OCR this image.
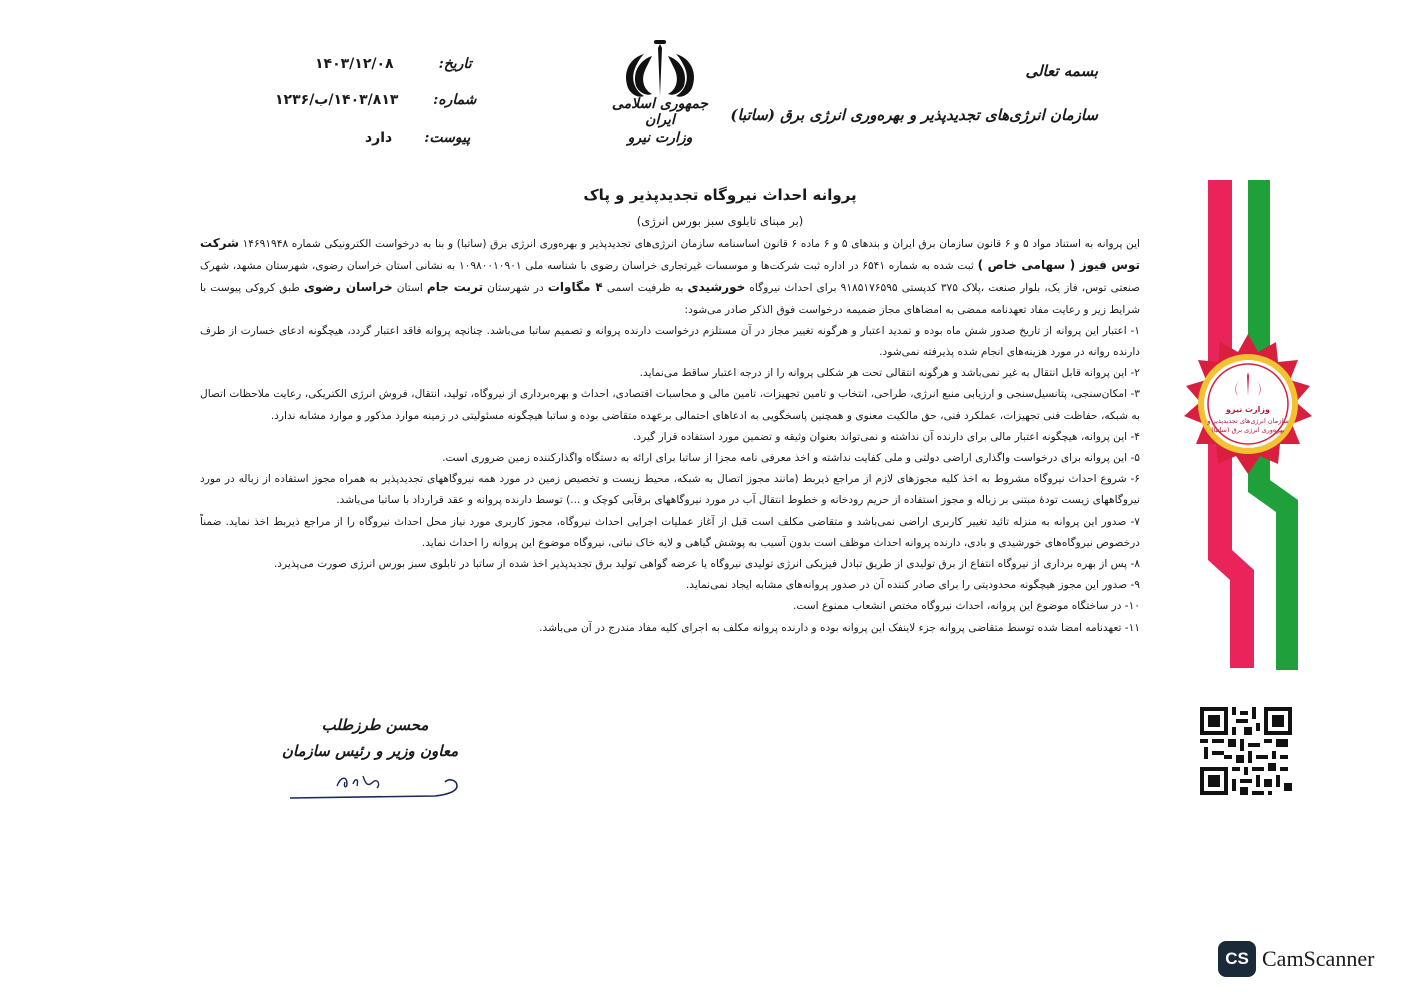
تاریخ:
۱۴۰۳/۱۲/۰۸
شماره:
۱۴۰۳/۸۱۳/ب/۱۲۳۶
پیوست:
دارد
جمهوری اسلامی ایران
وزارت نیرو
بسمه تعالی
سازمان انرژی‌های تجدیدپذیر و بهره‌وری انرژی برق (ساتبا)
پروانه احداث نیروگاه تجدیدپذیر و پاک
(بر مبنای تابلوی سبز بورس انرژی)

این پروانه به استناد مواد ۵ و ۶ قانون سازمان برق ایران و بندهای ۵ و ۶ ماده ۶ قانون اساسنامه سازمان انرژی‌های تجدیدپذیر و بهره‌وری انرژی برق (ساتبا) و بنا به درخواست الکترونیکی شماره ۱۴۶۹۱۹۴۸ شرکت توس فیوز ( سهامی خاص ) ثبت شده به شماره ۶۵۴۱ در اداره ثبت شرکت‌ها و موسسات غیرتجاری خراسان رضوی با شناسه ملی ۱۰۹۸۰۰۱۰۹۰۱ به نشانی استان خراسان رضوی، شهرستان مشهد، شهرک صنعتی توس، فاز یک، بلوار صنعت ،پلاک ۳۷۵ کدپستی ۹۱۸۵۱۷۶۵۹۵ برای احداث نیروگاه خورشیدی به ظرفیت اسمی ۴ مگاوات در شهرستان تربت جام استان خراسان رضوی طبق کروکی پیوست با شرایط زیر و رعایت مفاد تعهدنامه ممضی به امضاهای مجاز ضمیمه درخواست فوق الذکر صادر می‌شود:

۱- اعتبار این پروانه از تاریخ صدور شش ماه بوده و تمدید اعتبار و هرگونه تغییر مجاز در آن مستلزم درخواست دارنده پروانه و تصمیم ساتبا می‌باشد. چنانچه پروانه فاقد اعتبار گردد، هیچگونه ادعای خسارت از طرف دارنده روانه در مورد هزینه‌های انجام شده پذیرفته نمی‌شود.

۲- این پروانه قابل انتقال به غیر نمی‌باشد و هرگونه انتقالی تحت هر شکلی پروانه را از درجه اعتبار ساقط می‌نماید.

۳- امکان‌سنجی، پتانسیل‌سنجی و ارزیابی منبع انرژی، طراحی، انتخاب و تامین تجهیزات، تامین مالی و محاسبات اقتصادی، احداث و بهره‌برداری از نیروگاه، تولید، انتقال، فروش انرژی الکتریکی، رعایت ملاحظات اتصال به شبکه، حفاظت فنی تجهیزات، عملکرد فنی، حق مالکیت معنوی و همچنین پاسخگویی به ادعاهای احتمالی برعهده متقاضی بوده و ساتبا هیچگونه مسئولیتی در زمینه موارد مذکور و موارد مشابه ندارد.

۴- این پروانه، هیچگونه اعتبار مالی برای دارنده آن نداشته و نمی‌تواند بعنوان وثیقه و تضمین مورد استفاده قرار گیرد.

۵- این پروانه برای درخواست واگذاری اراضی دولتی و ملی کفایت نداشته و اخذ معرفی نامه مجزا از ساتبا برای ارائه به دستگاه واگذارکننده زمین ضروری است.

۶- شروع احداث نیروگاه مشروط به اخذ کلیه مجوزهای لازم از مراجع ذیربط (مانند مجوز اتصال به شبکه، محیط زیست و تخصیص زمین در مورد همه نیروگاههای تجدیدپذیر به همراه مجوز استفاده از زباله در مورد نیروگاههای زیست تودهٔ مبتنی بر زباله و مجوز استفاده از حریم رودخانه و خطوط انتقال آب در مورد نیروگاههای برقآبی کوچک و ...) توسط دارنده پروانه و عقد قرارداد با ساتبا می‌باشد.

۷- صدور این پروانه به منزله تائید تغییر کاربری اراضی نمی‌باشد و متقاضی مکلف است قبل از آغاز عملیات اجرایی احداث نیروگاه، مجوز کاربری مورد نیاز محل احداث نیروگاه را از مراجع ذیربط اخذ نماید. ضمناً درخصوص نیروگاه‌های خورشیدی و بادی، دارنده پروانه احداث موظف است بدون آسیب به پوشش گیاهی و لایه خاک نباتی، نیروگاه موضوع این پروانه را احداث نماید.

۸- پس از بهره برداری از نیروگاه انتفاع از برق تولیدی از طریق تبادل فیزیکی انرژی تولیدی نیروگاه یا عرضه گواهی تولید برق تجدیدپذیر اخذ شده از ساتبا در تابلوی سبز بورس انرژی صورت می‌پذیرد.

۹- صدور این مجوز هیچگونه محدودیتی را برای صادر کننده آن در صدور پروانه‌های مشابه ایجاد نمی‌نماید.

۱۰- در ساختگاه موضوع این پروانه، احداث نیروگاه مختص انشعاب ممنوع است.

۱۱- تعهدنامه امضا شده توسط متقاضی پروانه جزء لاینفک این پروانه بوده و دارنده پروانه مکلف به اجرای کلیه مفاد مندرج در آن می‌باشد.

وزارت نیرو
سازمان انرژی‌های تجدیدپذیر و بهره‌وری انرژی برق (ساتبا)
محسن طرزطلب
معاون وزیر و رئیس سازمان
CS CamScanner
